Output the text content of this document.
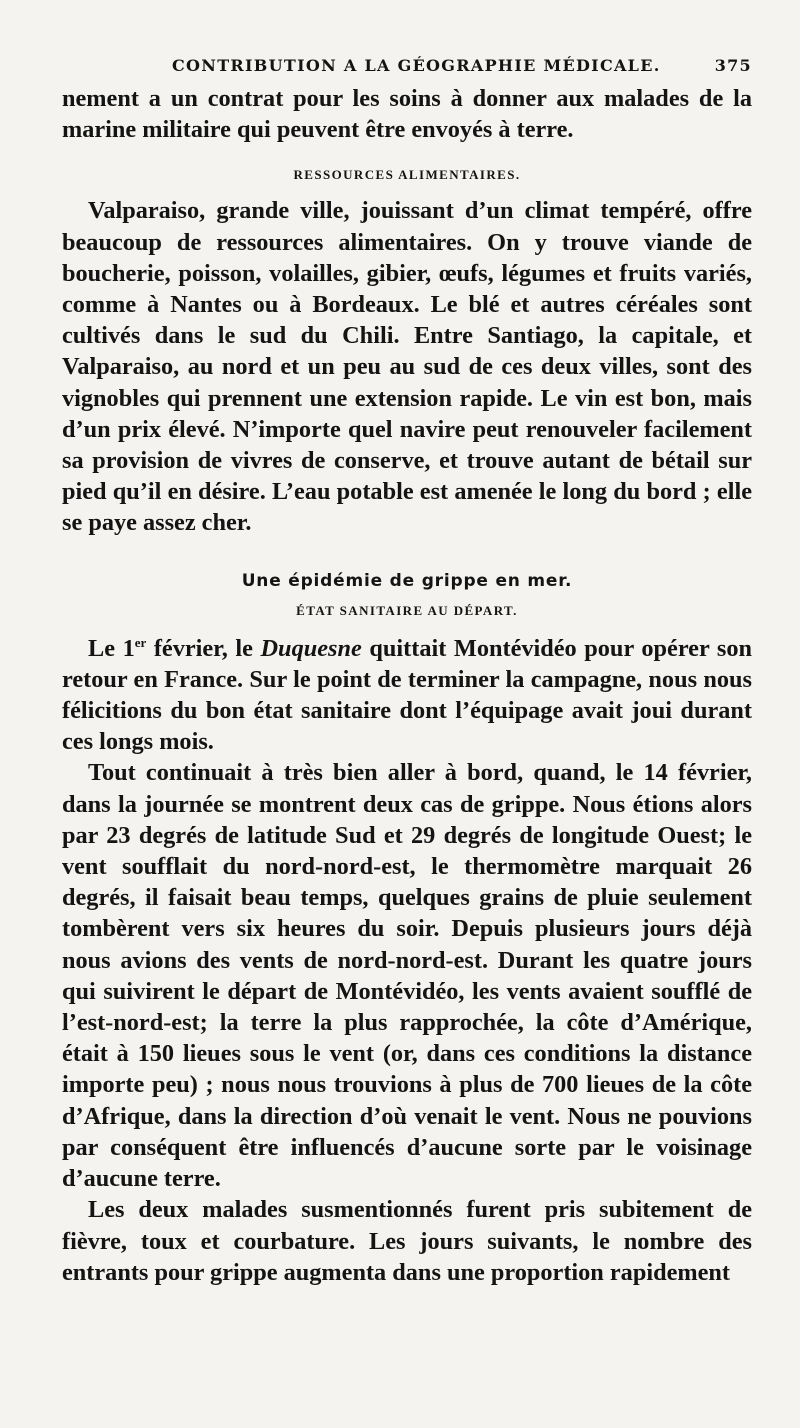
CONTRIBUTION A LA GÉOGRAPHIE MÉDICALE.	375

nement a un contrat pour les soins à donner aux malades de la marine militaire qui peuvent être envoyés à terre.

RESSOURCES ALIMENTAIRES.

Valparaiso, grande ville, jouissant d’un climat tempéré, offre beaucoup de ressources alimentaires. On y trouve viande de boucherie, poisson, volailles, gibier, œufs, légumes et fruits variés, comme à Nantes ou à Bordeaux. Le blé et autres céréales sont cultivés dans le sud du Chili. Entre Santiago, la capitale, et Valparaiso, au nord et un peu au sud de ces deux villes, sont des vignobles qui prennent une extension rapide. Le vin est bon, mais d’un prix élevé. N’importe quel navire peut renouveler facilement sa provision de vivres de conserve, et trouve autant de bétail sur pied qu’il en désire. L’eau potable est amenée le long du bord ; elle se paye assez cher.

Une épidémie de grippe en mer.
ÉTAT SANITAIRE AU DÉPART.

Le 1er février, le Duquesne quittait Montévidéo pour opérer son retour en France. Sur le point de terminer la campagne, nous nous félicitions du bon état sanitaire dont l’équipage avait joui durant ces longs mois.

Tout continuait à très bien aller à bord, quand, le 14 février, dans la journée se montrent deux cas de grippe. Nous étions alors par 23 degrés de latitude Sud et 29 degrés de longitude Ouest; le vent soufflait du nord-nord-est, le thermomètre marquait 26 degrés, il faisait beau temps, quelques grains de pluie seulement tombèrent vers six heures du soir. Depuis plusieurs jours déjà nous avions des vents de nord-nord-est. Durant les quatre jours qui suivirent le départ de Montévidéo, les vents avaient soufflé de l’est-nord-est; la terre la plus rapprochée, la côte d’Amérique, était à 150 lieues sous le vent (or, dans ces conditions la distance importe peu) ; nous nous trouvions à plus de 700 lieues de la côte d’Afrique, dans la direction d’où venait le vent. Nous ne pouvions par conséquent être influencés d’aucune sorte par le voisinage d’aucune terre.

Les deux malades susmentionnés furent pris subitement de fièvre, toux et courbature. Les jours suivants, le nombre des entrants pour grippe augmenta dans une proportion rapidement
